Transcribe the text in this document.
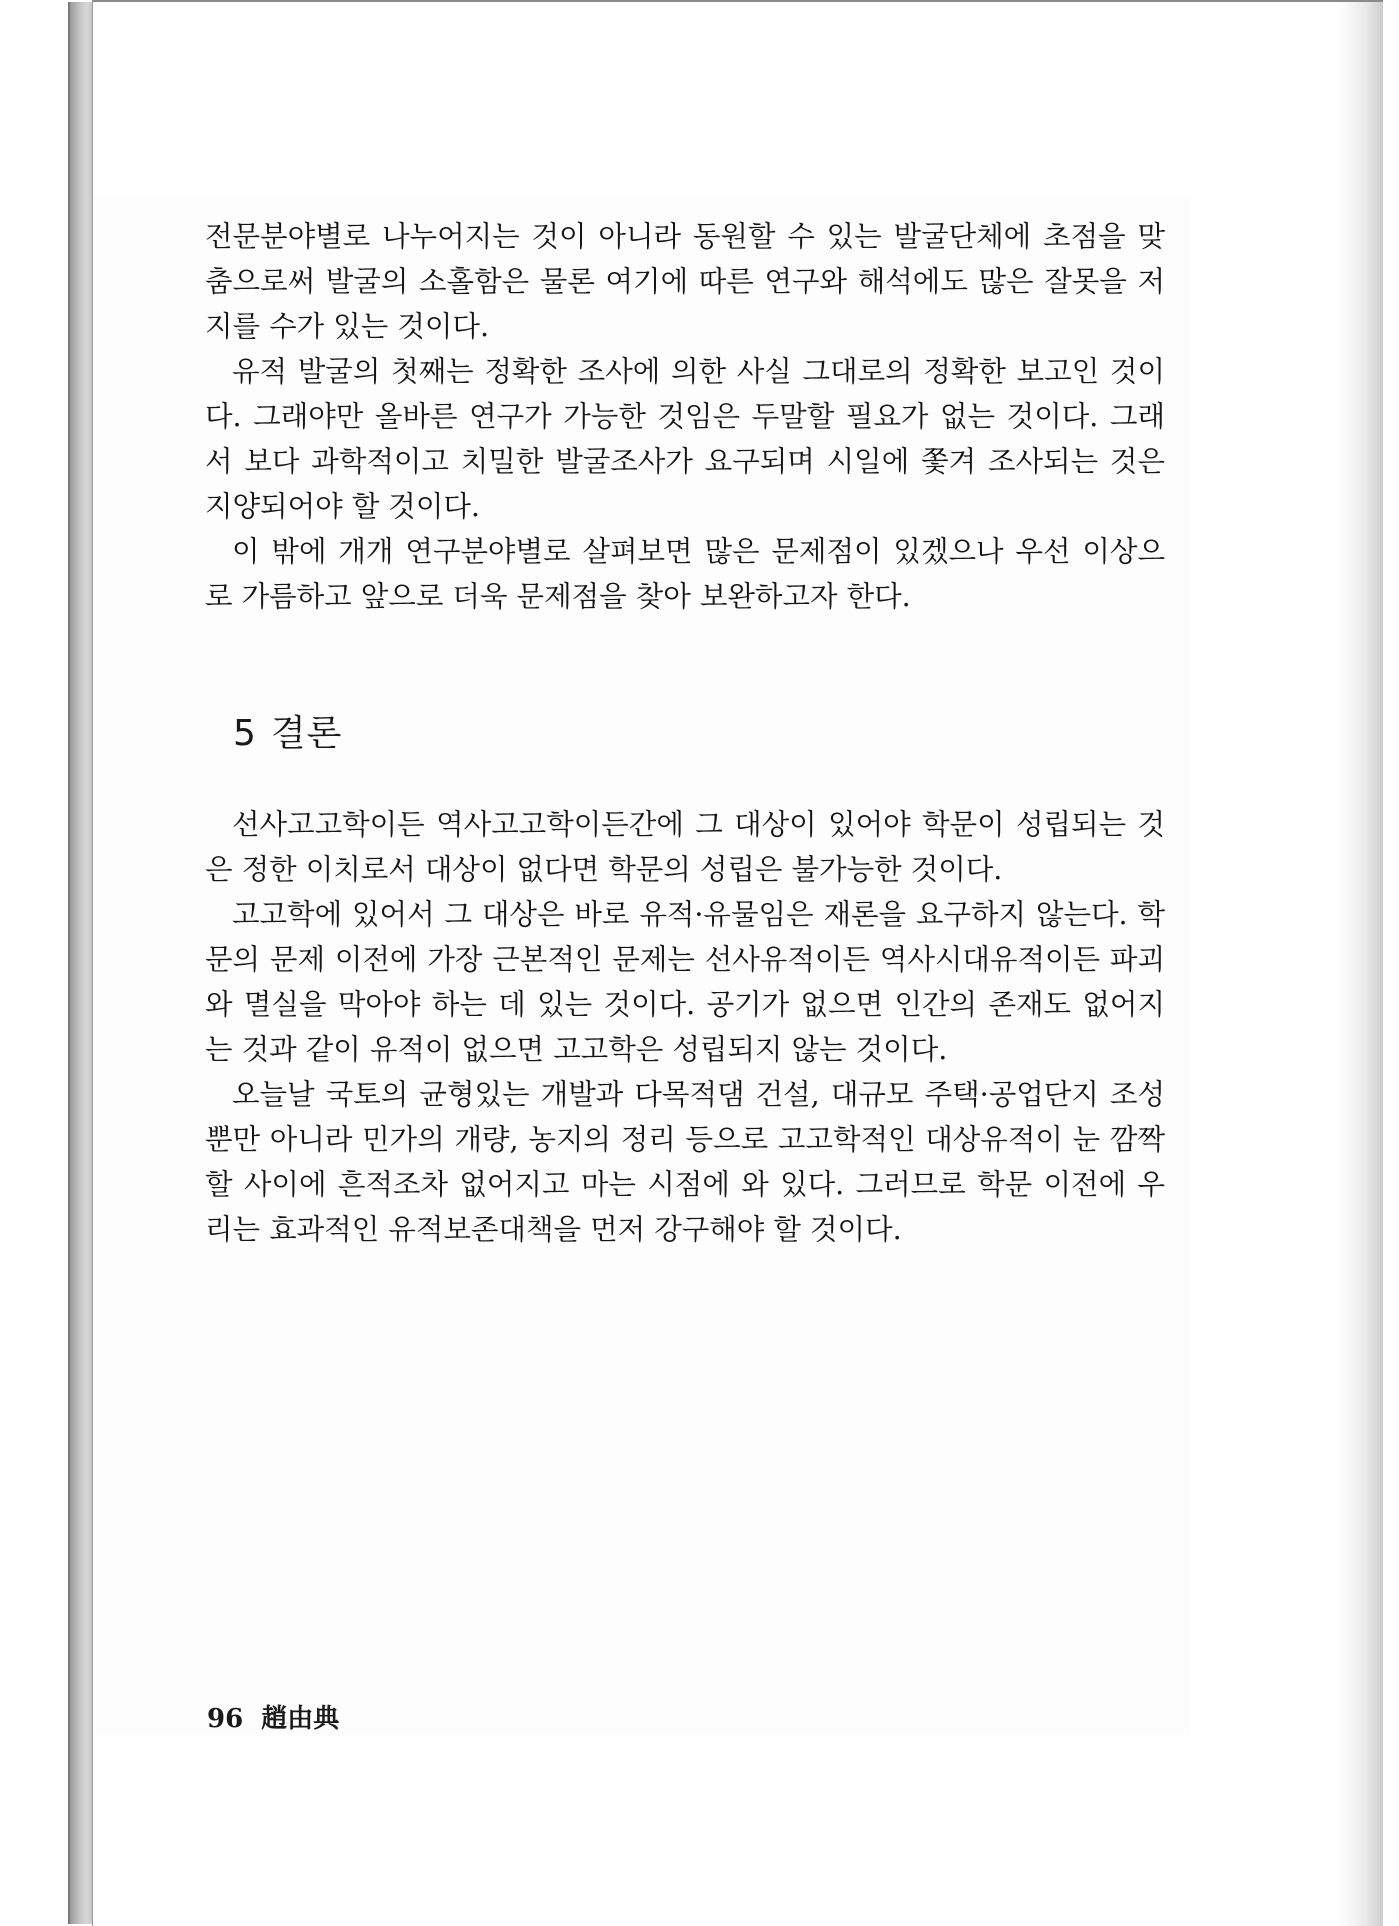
전문분야별로 나누어지는 것이 아니라 동원할 수 있는 발굴단체에 초점을 맞춤으로써 발굴의 소홀함은 물론 여기에 따른 연구와 해석에도 많은 잘못을 저지를 수가 있는 것이다.

유적 발굴의 첫째는 정확한 조사에 의한 사실 그대로의 정확한 보고인 것이다. 그래야만 올바른 연구가 가능한 것임은 두말할 필요가 없는 것이다. 그래서 보다 과학적이고 치밀한 발굴조사가 요구되며 시일에 쫓겨 조사되는 것은 지양되어야 할 것이다.

이 밖에 개개 연구분야별로 살펴보면 많은 문제점이 있겠으나 우선 이상으로 가름하고 앞으로 더욱 문제점을 찾아 보완하고자 한다.

5 결론

선사고고학이든 역사고고학이든간에 그 대상이 있어야 학문이 성립되는 것은 정한 이치로서 대상이 없다면 학문의 성립은 불가능한 것이다.

고고학에 있어서 그 대상은 바로 유적·유물임은 재론을 요구하지 않는다. 학문의 문제 이전에 가장 근본적인 문제는 선사유적이든 역사시대유적이든 파괴와 멸실을 막아야 하는 데 있는 것이다. 공기가 없으면 인간의 존재도 없어지는 것과 같이 유적이 없으면 고고학은 성립되지 않는 것이다.

오늘날 국토의 균형있는 개발과 다목적댐 건설, 대규모 주택·공업단지 조성뿐만 아니라 민가의 개량, 농지의 정리 등으로 고고학적인 대상유적이 눈 깜짝할 사이에 흔적조차 없어지고 마는 시점에 와 있다. 그러므로 학문 이전에 우리는 효과적인 유적보존대책을 먼저 강구해야 할 것이다.

96 趙由典
